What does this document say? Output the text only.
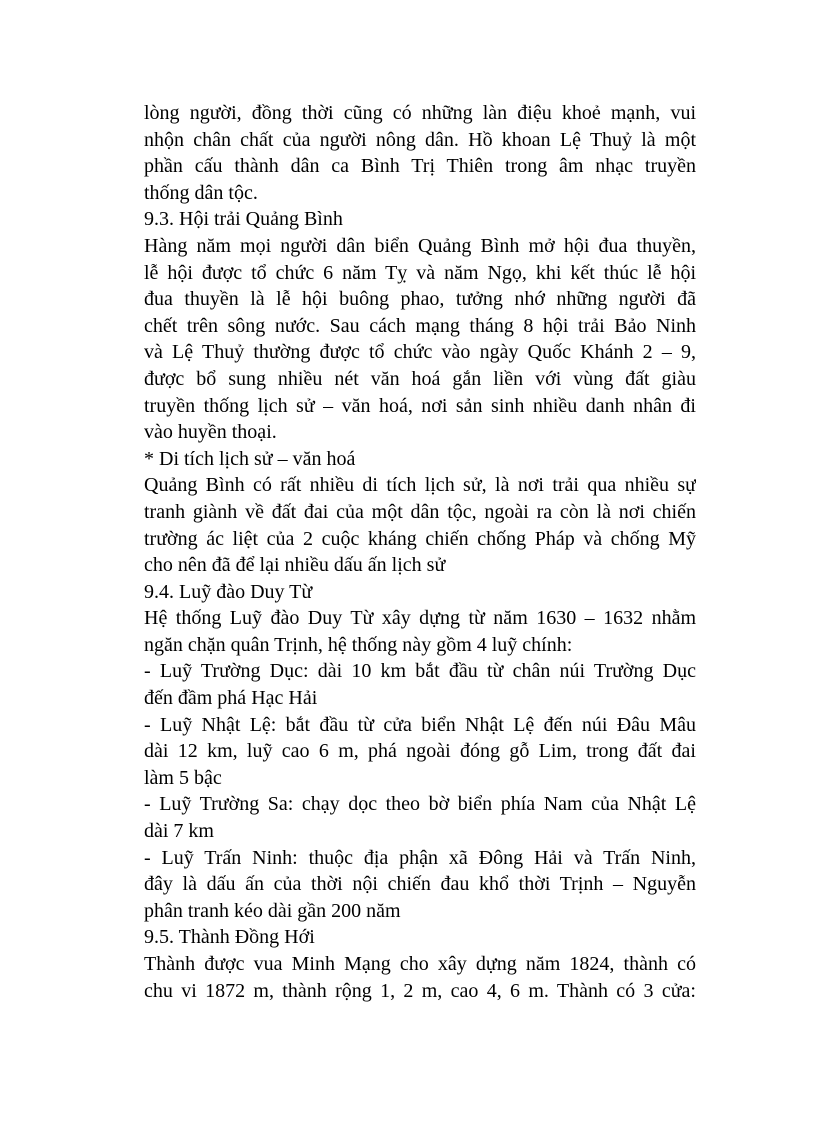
lòng người, đồng thời cũng có những làn điệu khoẻ mạnh, vui
nhộn chân chất của người nông dân. Hồ khoan Lệ Thuỷ là một
phần cấu thành dân ca Bình Trị Thiên trong âm nhạc truyền
thống dân tộc.
9.3. Hội trải Quảng Bình
Hàng năm mọi người dân biển Quảng Bình mở hội đua thuyền,
lễ hội được tổ chức 6 năm Tỵ và năm Ngọ, khi kết thúc lễ hội
đua thuyền là lễ hội buông phao, tưởng nhớ những người đã
chết trên sông nước. Sau cách mạng tháng 8 hội trải Bảo Ninh
và Lệ Thuỷ thường được tổ chức vào ngày Quốc Khánh 2 – 9,
được bổ sung nhiều nét văn hoá gắn liền với vùng đất giàu
truyền thống lịch sử – văn hoá, nơi sản sinh nhiều danh nhân đi
vào huyền thoại.
* Di tích lịch sử – văn hoá
Quảng Bình có rất nhiều di tích lịch sử, là nơi trải qua nhiều sự
tranh giành về đất đai của một dân tộc, ngoài ra còn là nơi chiến
trường ác liệt của 2 cuộc kháng chiến chống Pháp và chống Mỹ
cho nên đã để lại nhiều dấu ấn lịch sử
9.4. Luỹ đào Duy Từ
Hệ thống Luỹ đào Duy Từ xây dựng từ năm 1630 – 1632 nhằm
ngăn chặn quân Trịnh, hệ thống này gồm 4 luỹ chính:
- Luỹ Trường Dục: dài 10 km bắt đầu từ chân núi Trường Dục
đến đầm phá Hạc Hải
- Luỹ Nhật Lệ: bắt đầu từ cửa biển Nhật Lệ đến núi Đâu Mâu
dài 12 km, luỹ cao 6 m, phá ngoài đóng gỗ Lim, trong đất đai
làm 5 bậc
- Luỹ Trường Sa: chạy dọc theo bờ biển phía Nam của Nhật Lệ
dài 7 km
- Luỹ Trấn Ninh: thuộc địa phận xã Đông Hải và Trấn Ninh,
đây là dấu ấn của thời nội chiến đau khổ thời Trịnh – Nguyễn
phân tranh kéo dài gần 200 năm
9.5. Thành Đồng Hới
Thành được vua Minh Mạng cho xây dựng năm 1824, thành có
chu vi 1872 m, thành rộng 1, 2 m, cao 4, 6 m. Thành có 3 cửa:
